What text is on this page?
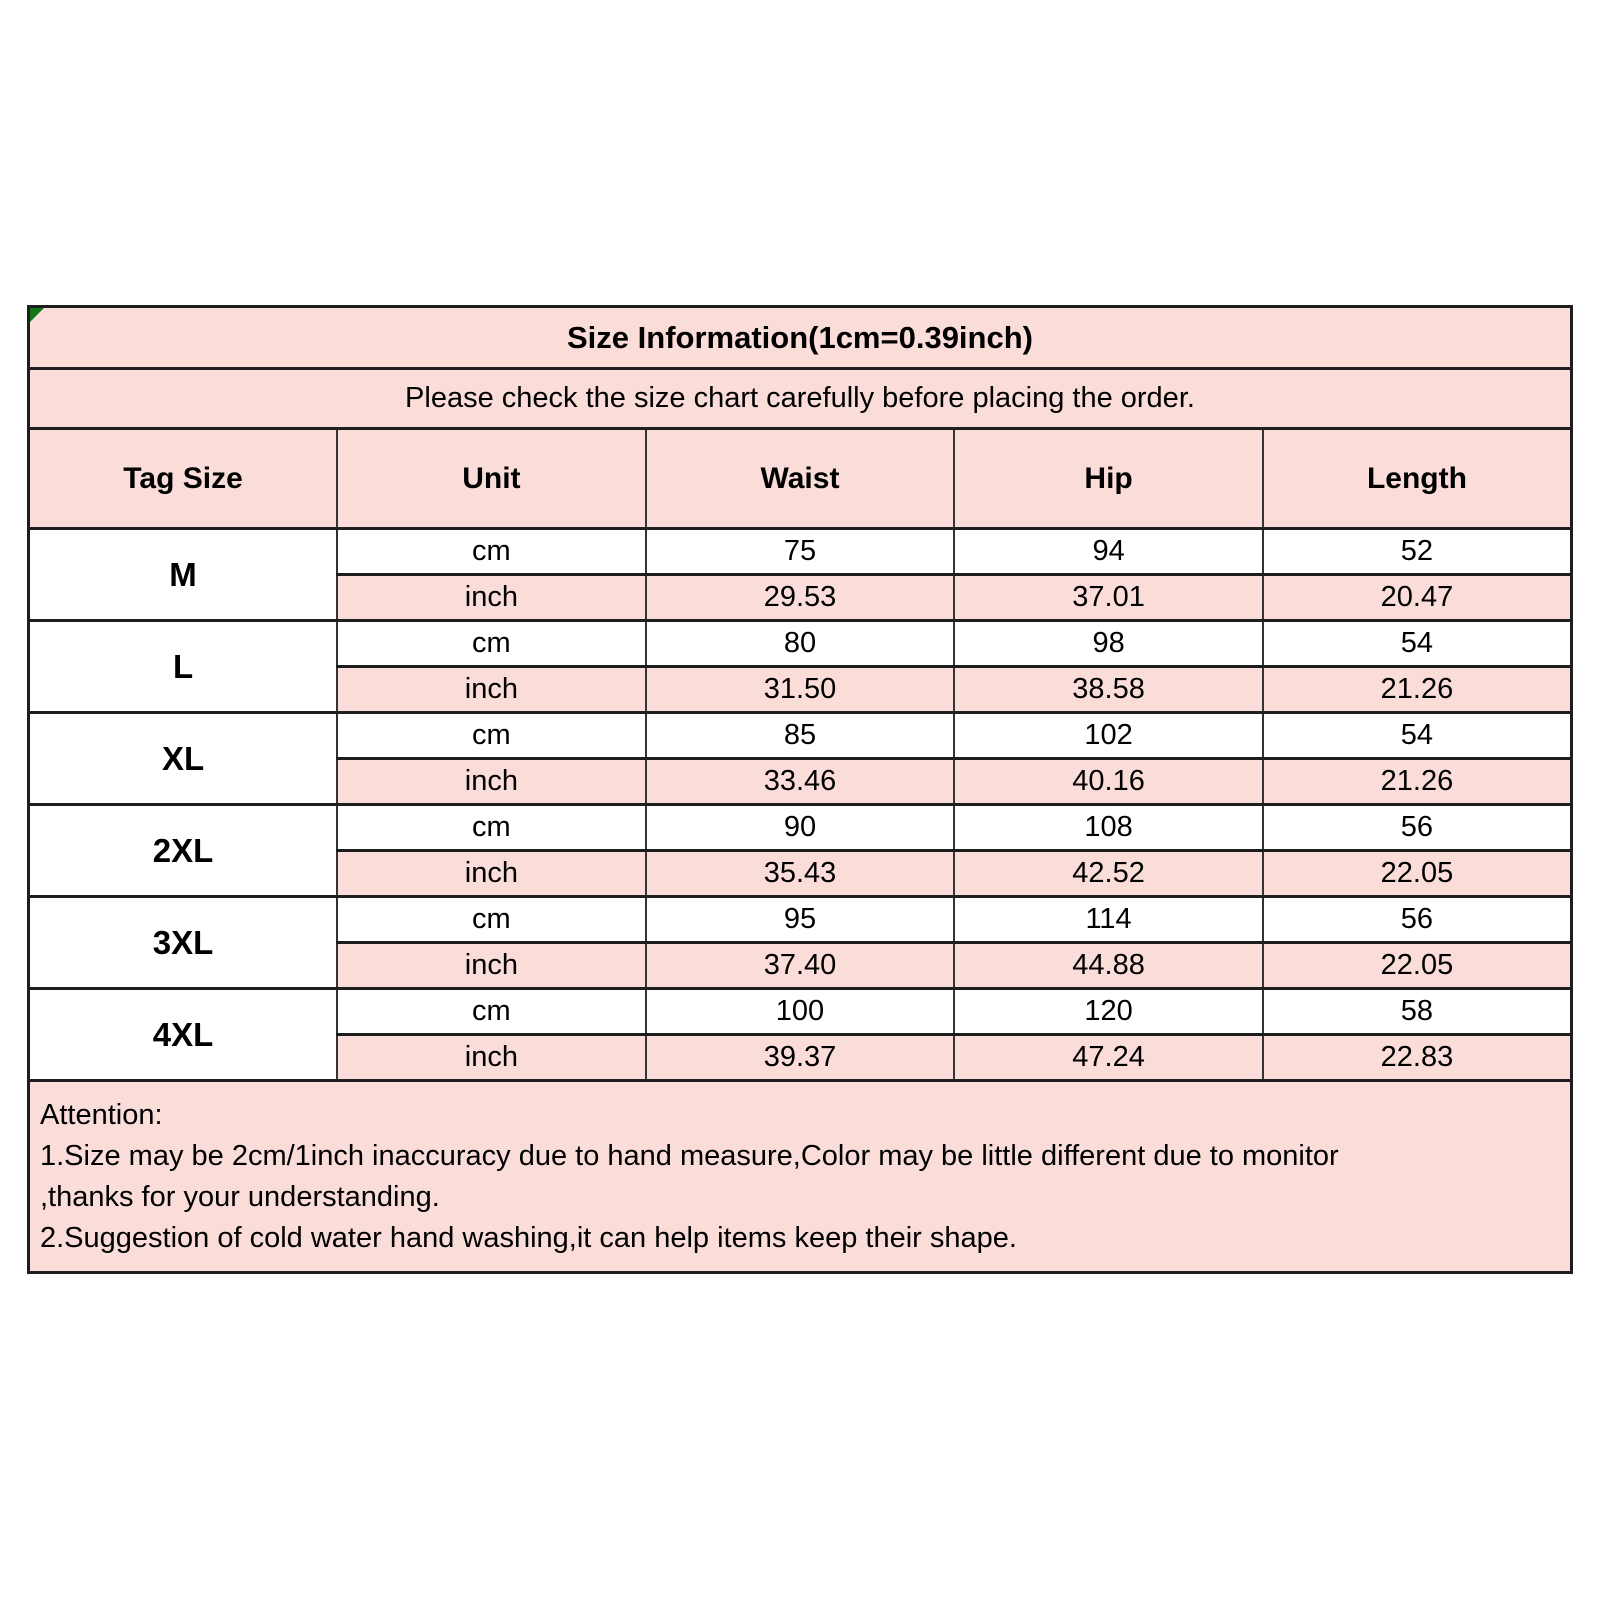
Size Information(1cm=0.39inch)				
Please check the size chart carefully before placing the order.				
Tag Size	Unit	Waist	Hip	Length
M	cm	75	94	52
	inch	29.53	37.01	20.47
L	cm	80	98	54
	inch	31.50	38.58	21.26
XL	cm	85	102	54
	inch	33.46	40.16	21.26
2XL	cm	90	108	56
	inch	35.43	42.52	22.05
3XL	cm	95	114	56
	inch	37.40	44.88	22.05
4XL	cm	100	120	58
	inch	39.37	47.24	22.83

Attention:
1.Size may be 2cm/1inch inaccuracy due to hand measure,Color may be little different due to monitor
,thanks for your understanding.
2.Suggestion of cold water hand washing,it can help items keep their shape.				
